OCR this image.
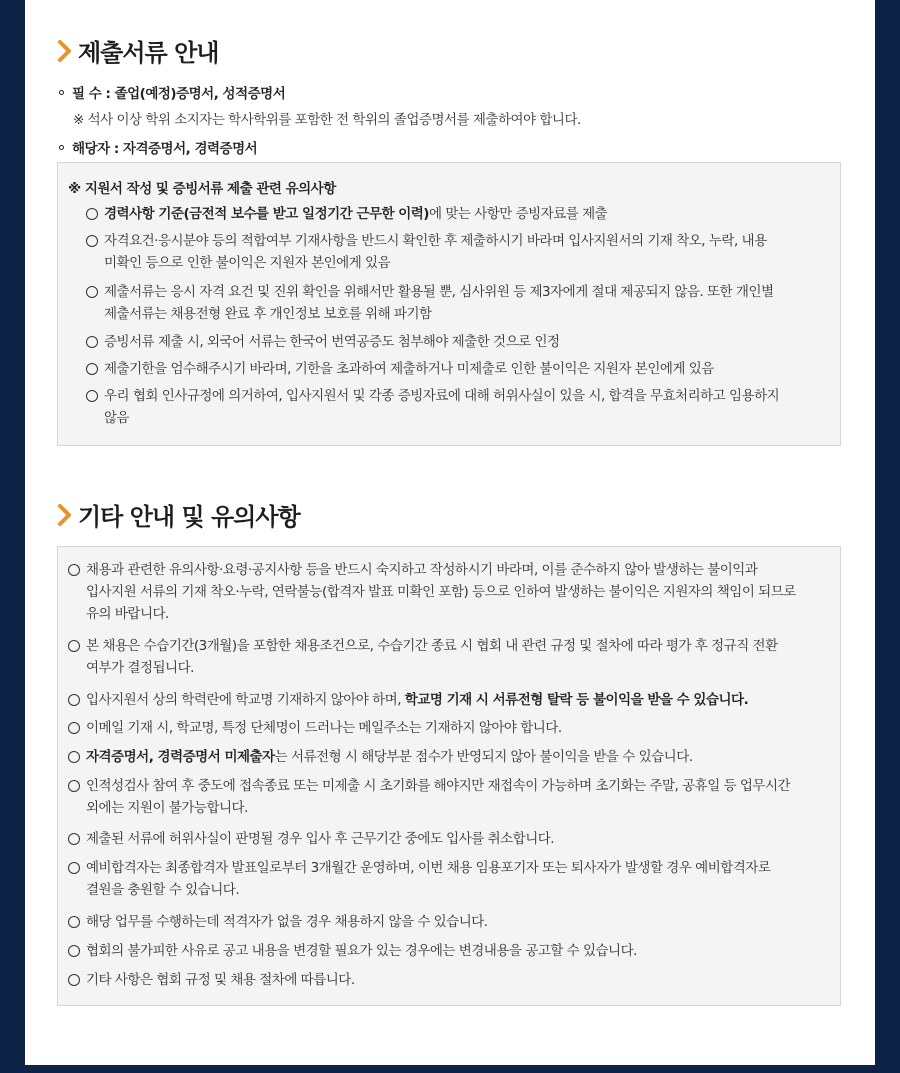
제출서류 안내
필 수 : 졸업(예정)증명서, 성적증명서
※ 석사 이상 학위 소지자는 학사학위를 포함한 전 학위의 졸업증명서를 제출하여야 합니다.
해당자 : 자격증명서, 경력증명서
※ 지원서 작성 및 증빙서류 제출 관련 유의사항
경력사항 기준(금전적 보수를 받고 일정기간 근무한 이력)에 맞는 사항만 증빙자료를 제출
자격요건·응시분야 등의 적합여부 기재사항을 반드시 확인한 후 제출하시기 바라며 입사지원서의 기재 착오, 누락, 내용
미확인 등으로 인한 불이익은 지원자 본인에게 있음
제출서류는 응시 자격 요건 및 진위 확인을 위해서만 활용될 뿐, 심사위원 등 제3자에게 절대 제공되지 않음. 또한 개인별
제출서류는 채용전형 완료 후 개인정보 보호를 위해 파기함
증빙서류 제출 시, 외국어 서류는 한국어 번역공증도 첨부해야 제출한 것으로 인정
제출기한을 엄수해주시기 바라며, 기한을 초과하여 제출하거나 미제출로 인한 불이익은 지원자 본인에게 있음
우리 협회 인사규정에 의거하여, 입사지원서 및 각종 증빙자료에 대해 허위사실이 있을 시, 합격을 무효처리하고 임용하지
않음
기타 안내 및 유의사항
채용과 관련한 유의사항·요령·공지사항 등을 반드시 숙지하고 작성하시기 바라며, 이를 준수하지 않아 발생하는 불이익과
입사지원 서류의 기재 착오·누락, 연락불능(합격자 발표 미확인 포함) 등으로 인하여 발생하는 불이익은 지원자의 책임이 되므로
유의 바랍니다.
본 채용은 수습기간(3개월)을 포함한 채용조건으로, 수습기간 종료 시 협회 내 관련 규정 및 절차에 따라 평가 후 정규직 전환
여부가 결정됩니다.
입사지원서 상의 학력란에 학교명 기재하지 않아야 하며, 학교명 기재 시 서류전형 탈락 등 불이익을 받을 수 있습니다.
이메일 기재 시, 학교명, 특정 단체명이 드러나는 메일주소는 기재하지 않아야 합니다.
자격증명서, 경력증명서 미제출자는 서류전형 시 해당부분 점수가 반영되지 않아 불이익을 받을 수 있습니다.
인적성검사 참여 후 중도에 접속종료 또는 미제출 시 초기화를 해야지만 재접속이 가능하며 초기화는 주말, 공휴일 등 업무시간
외에는 지원이 불가능합니다.
제출된 서류에 허위사실이 판명될 경우 입사 후 근무기간 중에도 입사를 취소합니다.
예비합격자는 최종합격자 발표일로부터 3개월간 운영하며, 이번 채용 임용포기자 또는 퇴사자가 발생할 경우 예비합격자로
결원을 충원할 수 있습니다.
해당 업무를 수행하는데 적격자가 없을 경우 채용하지 않을 수 있습니다.
협회의 불가피한 사유로 공고 내용을 변경할 필요가 있는 경우에는 변경내용을 공고할 수 있습니다.
기타 사항은 협회 규정 및 채용 절차에 따릅니다.
